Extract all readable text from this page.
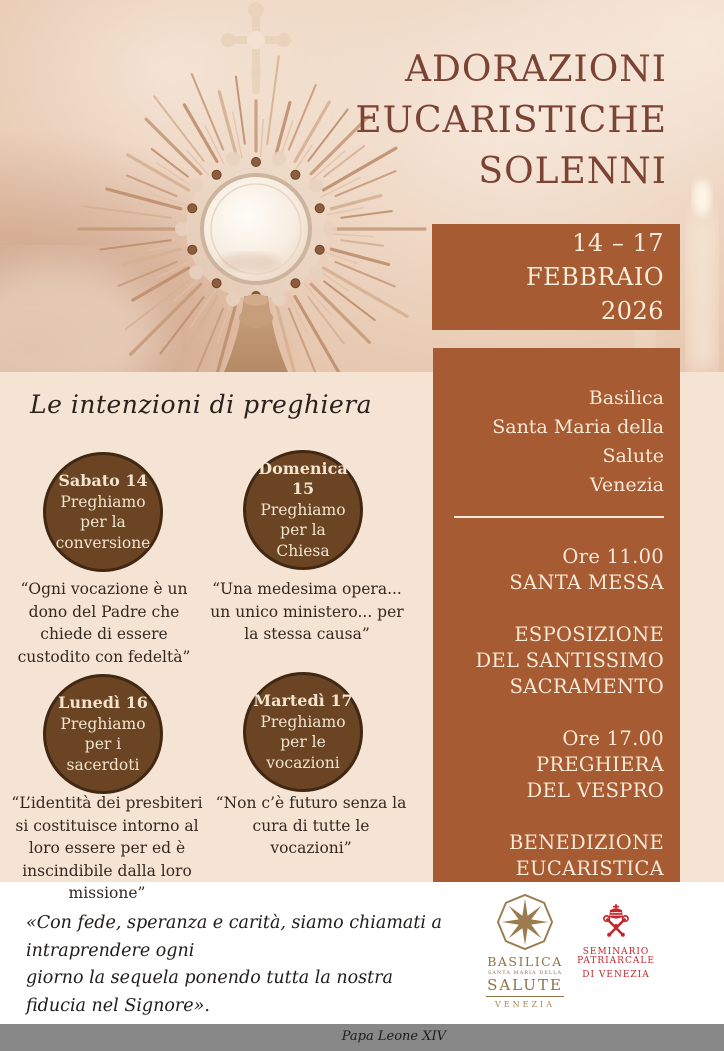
ADORAZIONI
EUCARISTICHE
SOLENNI
14 – 17
FEBBRAIO
2026
Basilica
Santa Maria della Salute
Venezia
Ore 11.00
SANTA MESSA
ESPOSIZIONE
DEL SANTISSIMO
SACRAMENTO
Ore 17.00
PREGHIERA
DEL VESPRO
BENEDIZIONE
EUCARISTICA
Le intenzioni di preghiera
Sabato 14
Preghiamo
per la
conversione
Domenica 15
Preghiamo
per la
Chiesa
Lunedì 16
Preghiamo
per i
sacerdoti
Martedì 17
Preghiamo
per le
vocazioni
“Ogni vocazione è un dono del Padre che chiede di essere custodito con fedeltà”
“Una medesima opera... un unico ministero... per la stessa causa”
“L’identità dei presbiteri si costituisce intorno al loro essere per ed è inscindibile dalla loro missione”
“Non c’è futuro senza la cura di tutte le vocazioni”
«Con fede, speranza e carità, siamo chiamati a intraprendere ogni
giorno la sequela ponendo tutta la nostra fiducia nel Signore».
Papa Leone XIV
BASILICA
SANTA MARIA DELLA
SALUTE
VENEZIA
SEMINARIO PATRIARCALE
DI VENEZIA
